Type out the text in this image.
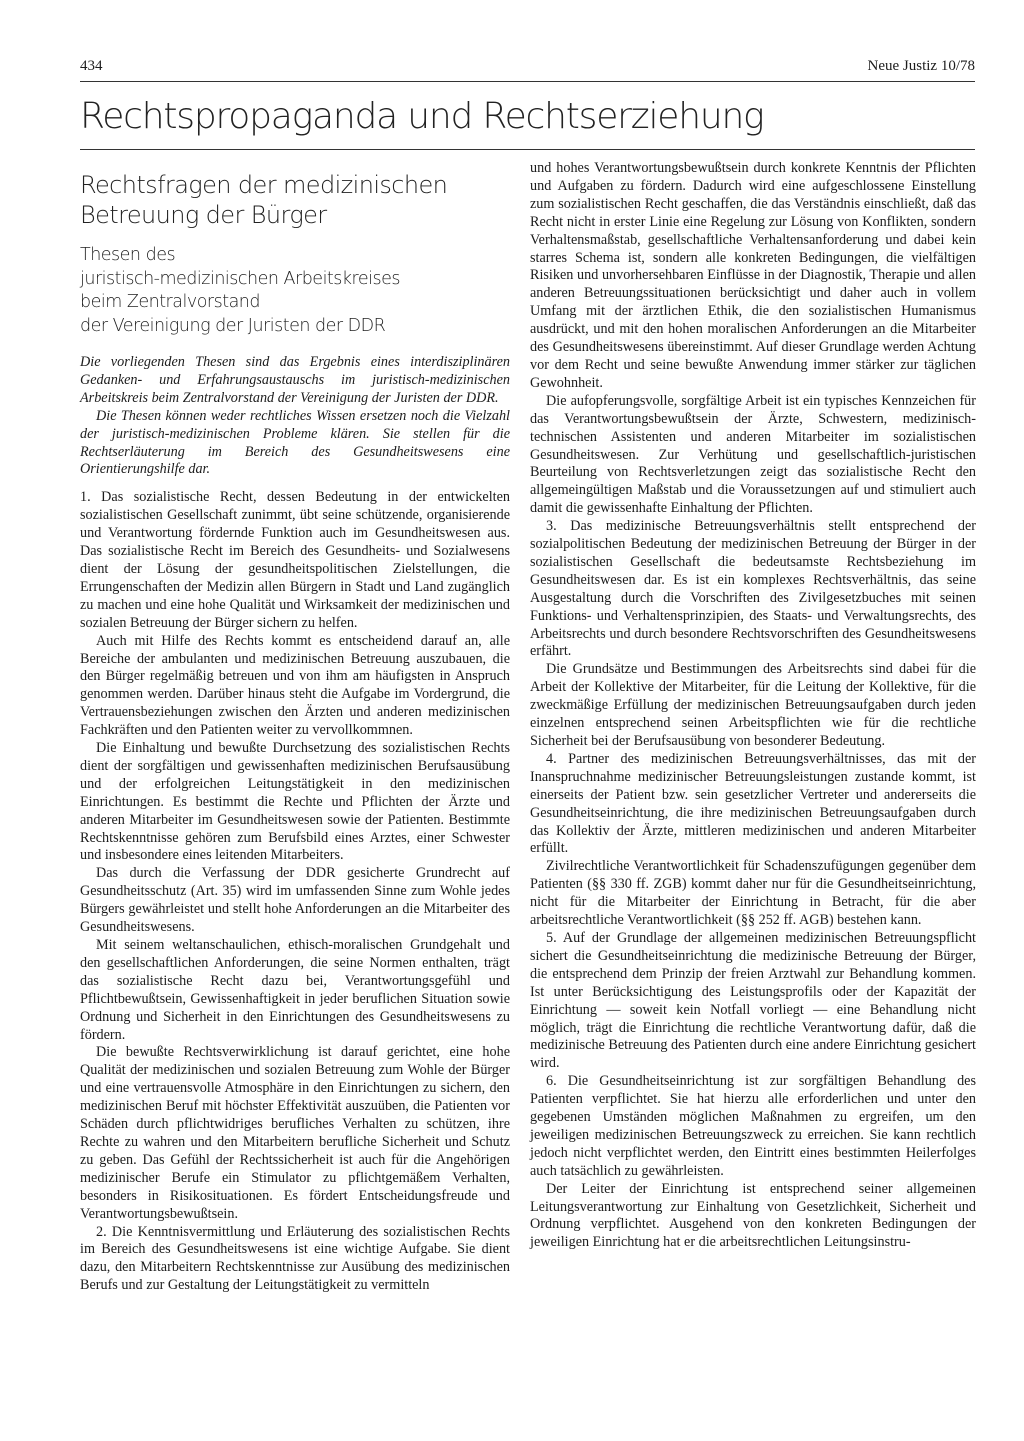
434	Neue Justiz 10/78
Rechtspropaganda und Rechtserziehung
Rechtsfragen der medizinischen Betreuung der Bürger
Thesen des
juristisch-medizinischen Arbeitskreises
beim Zentralvorstand
der Vereinigung der Juristen der DDR

Die vorliegenden Thesen sind das Ergebnis eines interdisziplinären Gedanken- und Erfahrungsaustauschs im juristisch-medizinischen Arbeitskreis beim Zentralvorstand der Vereinigung der Juristen der DDR.

Die Thesen können weder rechtliches Wissen ersetzen noch die Vielzahl der juristisch-medizinischen Probleme klären. Sie stellen für die Rechtserläuterung im Bereich des Gesundheitswesens eine Orientierungshilfe dar.

1. Das sozialistische Recht, dessen Bedeutung in der entwickelten sozialistischen Gesellschaft zunimmt, übt seine schützende, organisierende und Verantwortung fördernde Funktion auch im Gesundheitswesen aus. Das sozialistische Recht im Bereich des Gesundheits- und Sozialwesens dient der Lösung der gesundheitspolitischen Zielstellungen, die Errungenschaften der Medizin allen Bürgern in Stadt und Land zugänglich zu machen und eine hohe Qualität und Wirksamkeit der medizinischen und sozialen Betreuung der Bürger sichern zu helfen.

Auch mit Hilfe des Rechts kommt es entscheidend darauf an, alle Bereiche der ambulanten und medizinischen Betreuung auszubauen, die den Bürger regelmäßig betreuen und von ihm am häufigsten in Anspruch genommen werden. Darüber hinaus steht die Aufgabe im Vordergrund, die Vertrauensbeziehungen zwischen den Ärzten und anderen medizinischen Fachkräften und den Patienten weiter zu vervollkommnen.

Die Einhaltung und bewußte Durchsetzung des sozialistischen Rechts dient der sorgfältigen und gewissenhaften medizinischen Berufsausübung und der erfolgreichen Leitungstätigkeit in den medizinischen Einrichtungen. Es bestimmt die Rechte und Pflichten der Ärzte und anderen Mitarbeiter im Gesundheitswesen sowie der Patienten. Bestimmte Rechtskenntnisse gehören zum Berufsbild eines Arztes, einer Schwester und insbesondere eines leitenden Mitarbeiters.

Das durch die Verfassung der DDR gesicherte Grundrecht auf Gesundheitsschutz (Art. 35) wird im umfassenden Sinne zum Wohle jedes Bürgers gewährleistet und stellt hohe Anforderungen an die Mitarbeiter des Gesundheitswesens.

Mit seinem weltanschaulichen, ethisch-moralischen Grundgehalt und den gesellschaftlichen Anforderungen, die seine Normen enthalten, trägt das sozialistische Recht dazu bei, Verantwortungsgefühl und Pflichtbewußtsein, Gewissenhaftigkeit in jeder beruflichen Situation sowie Ordnung und Sicherheit in den Einrichtungen des Gesundheitswesens zu fördern.

Die bewußte Rechtsverwirklichung ist darauf gerichtet, eine hohe Qualität der medizinischen und sozialen Betreuung zum Wohle der Bürger und eine vertrauensvolle Atmosphäre in den Einrichtungen zu sichern, den medizinischen Beruf mit höchster Effektivität auszuüben, die Patienten vor Schäden durch pflichtwidriges berufliches Verhalten zu schützen, ihre Rechte zu wahren und den Mitarbeitern berufliche Sicherheit und Schutz zu geben. Das Gefühl der Rechtssicherheit ist auch für die Angehörigen medizinischer Berufe ein Stimulator zu pflichtgemäßem Verhalten, besonders in Risikosituationen. Es fördert Entscheidungsfreude und Verantwortungsbewußtsein.

2. Die Kenntnisvermittlung und Erläuterung des sozialistischen Rechts im Bereich des Gesundheitswesens ist eine wichtige Aufgabe. Sie dient dazu, den Mitarbeitern Rechtskenntnisse zur Ausübung des medizinischen Berufs und zur Gestaltung der Leitungstätigkeit zu vermitteln

und hohes Verantwortungsbewußtsein durch konkrete Kenntnis der Pflichten und Aufgaben zu fördern. Dadurch wird eine aufgeschlossene Einstellung zum sozialistischen Recht geschaffen, die das Verständnis einschließt, daß das Recht nicht in erster Linie eine Regelung zur Lösung von Konflikten, sondern Verhaltensmaßstab, gesellschaftliche Verhaltensanforderung und dabei kein starres Schema ist, sondern alle konkreten Bedingungen, die vielfältigen Risiken und unvorhersehbaren Einflüsse in der Diagnostik, Therapie und allen anderen Betreuungssituationen berücksichtigt und daher auch in vollem Umfang mit der ärztlichen Ethik, die den sozialistischen Humanismus ausdrückt, und mit den hohen moralischen Anforderungen an die Mitarbeiter des Gesundheitswesens übereinstimmt. Auf dieser Grundlage werden Achtung vor dem Recht und seine bewußte Anwendung immer stärker zur täglichen Gewohnheit.

Die aufopferungsvolle, sorgfältige Arbeit ist ein typisches Kennzeichen für das Verantwortungsbewußtsein der Ärzte, Schwestern, medizinisch-technischen Assistenten und anderen Mitarbeiter im sozialistischen Gesundheitswesen. Zur Verhütung und gesellschaftlich-juristischen Beurteilung von Rechtsverletzungen zeigt das sozialistische Recht den allgemeingültigen Maßstab und die Voraussetzungen auf und stimuliert auch damit die gewissenhafte Einhaltung der Pflichten.

3. Das medizinische Betreuungsverhältnis stellt entsprechend der sozialpolitischen Bedeutung der medizinischen Betreuung der Bürger in der sozialistischen Gesellschaft die bedeutsamste Rechtsbeziehung im Gesundheitswesen dar. Es ist ein komplexes Rechtsverhältnis, das seine Ausgestaltung durch die Vorschriften des Zivilgesetzbuches mit seinen Funktions- und Verhaltensprinzipien, des Staats- und Verwaltungsrechts, des Arbeitsrechts und durch besondere Rechtsvorschriften des Gesundheitswesens erfährt.

Die Grundsätze und Bestimmungen des Arbeitsrechts sind dabei für die Arbeit der Kollektive der Mitarbeiter, für die Leitung der Kollektive, für die zweckmäßige Erfüllung der medizinischen Betreuungsaufgaben durch jeden einzelnen entsprechend seinen Arbeitspflichten wie für die rechtliche Sicherheit bei der Berufsausübung von besonderer Bedeutung.

4. Partner des medizinischen Betreuungsverhältnisses, das mit der Inanspruchnahme medizinischer Betreuungsleistungen zustande kommt, ist einerseits der Patient bzw. sein gesetzlicher Vertreter und andererseits die Gesundheitseinrichtung, die ihre medizinischen Betreuungsaufgaben durch das Kollektiv der Ärzte, mittleren medizinischen und anderen Mitarbeiter erfüllt.

Zivilrechtliche Verantwortlichkeit für Schadenszufügungen gegenüber dem Patienten (§§ 330 ff. ZGB) kommt daher nur für die Gesundheitseinrichtung, nicht für die Mitarbeiter der Einrichtung in Betracht, für die aber arbeitsrechtliche Verantwortlichkeit (§§ 252 ff. AGB) bestehen kann.

5. Auf der Grundlage der allgemeinen medizinischen Betreuungspflicht sichert die Gesundheitseinrichtung die medizinische Betreuung der Bürger, die entsprechend dem Prinzip der freien Arztwahl zur Behandlung kommen. Ist unter Berücksichtigung des Leistungsprofils oder der Kapazität der Einrichtung — soweit kein Notfall vorliegt — eine Behandlung nicht möglich, trägt die Einrichtung die rechtliche Verantwortung dafür, daß die medizinische Betreuung des Patienten durch eine andere Einrichtung gesichert wird.

6. Die Gesundheitseinrichtung ist zur sorgfältigen Behandlung des Patienten verpflichtet. Sie hat hierzu alle erforderlichen und unter den gegebenen Umständen möglichen Maßnahmen zu ergreifen, um den jeweiligen medizinischen Betreuungszweck zu erreichen. Sie kann rechtlich jedoch nicht verpflichtet werden, den Eintritt eines bestimmten Heilerfolges auch tatsächlich zu gewährleisten.

Der Leiter der Einrichtung ist entsprechend seiner allgemeinen Leitungsverantwortung zur Einhaltung von Gesetzlichkeit, Sicherheit und Ordnung verpflichtet. Ausgehend von den konkreten Bedingungen der jeweiligen Einrichtung hat er die arbeitsrechtlichen Leitungsinstru-
